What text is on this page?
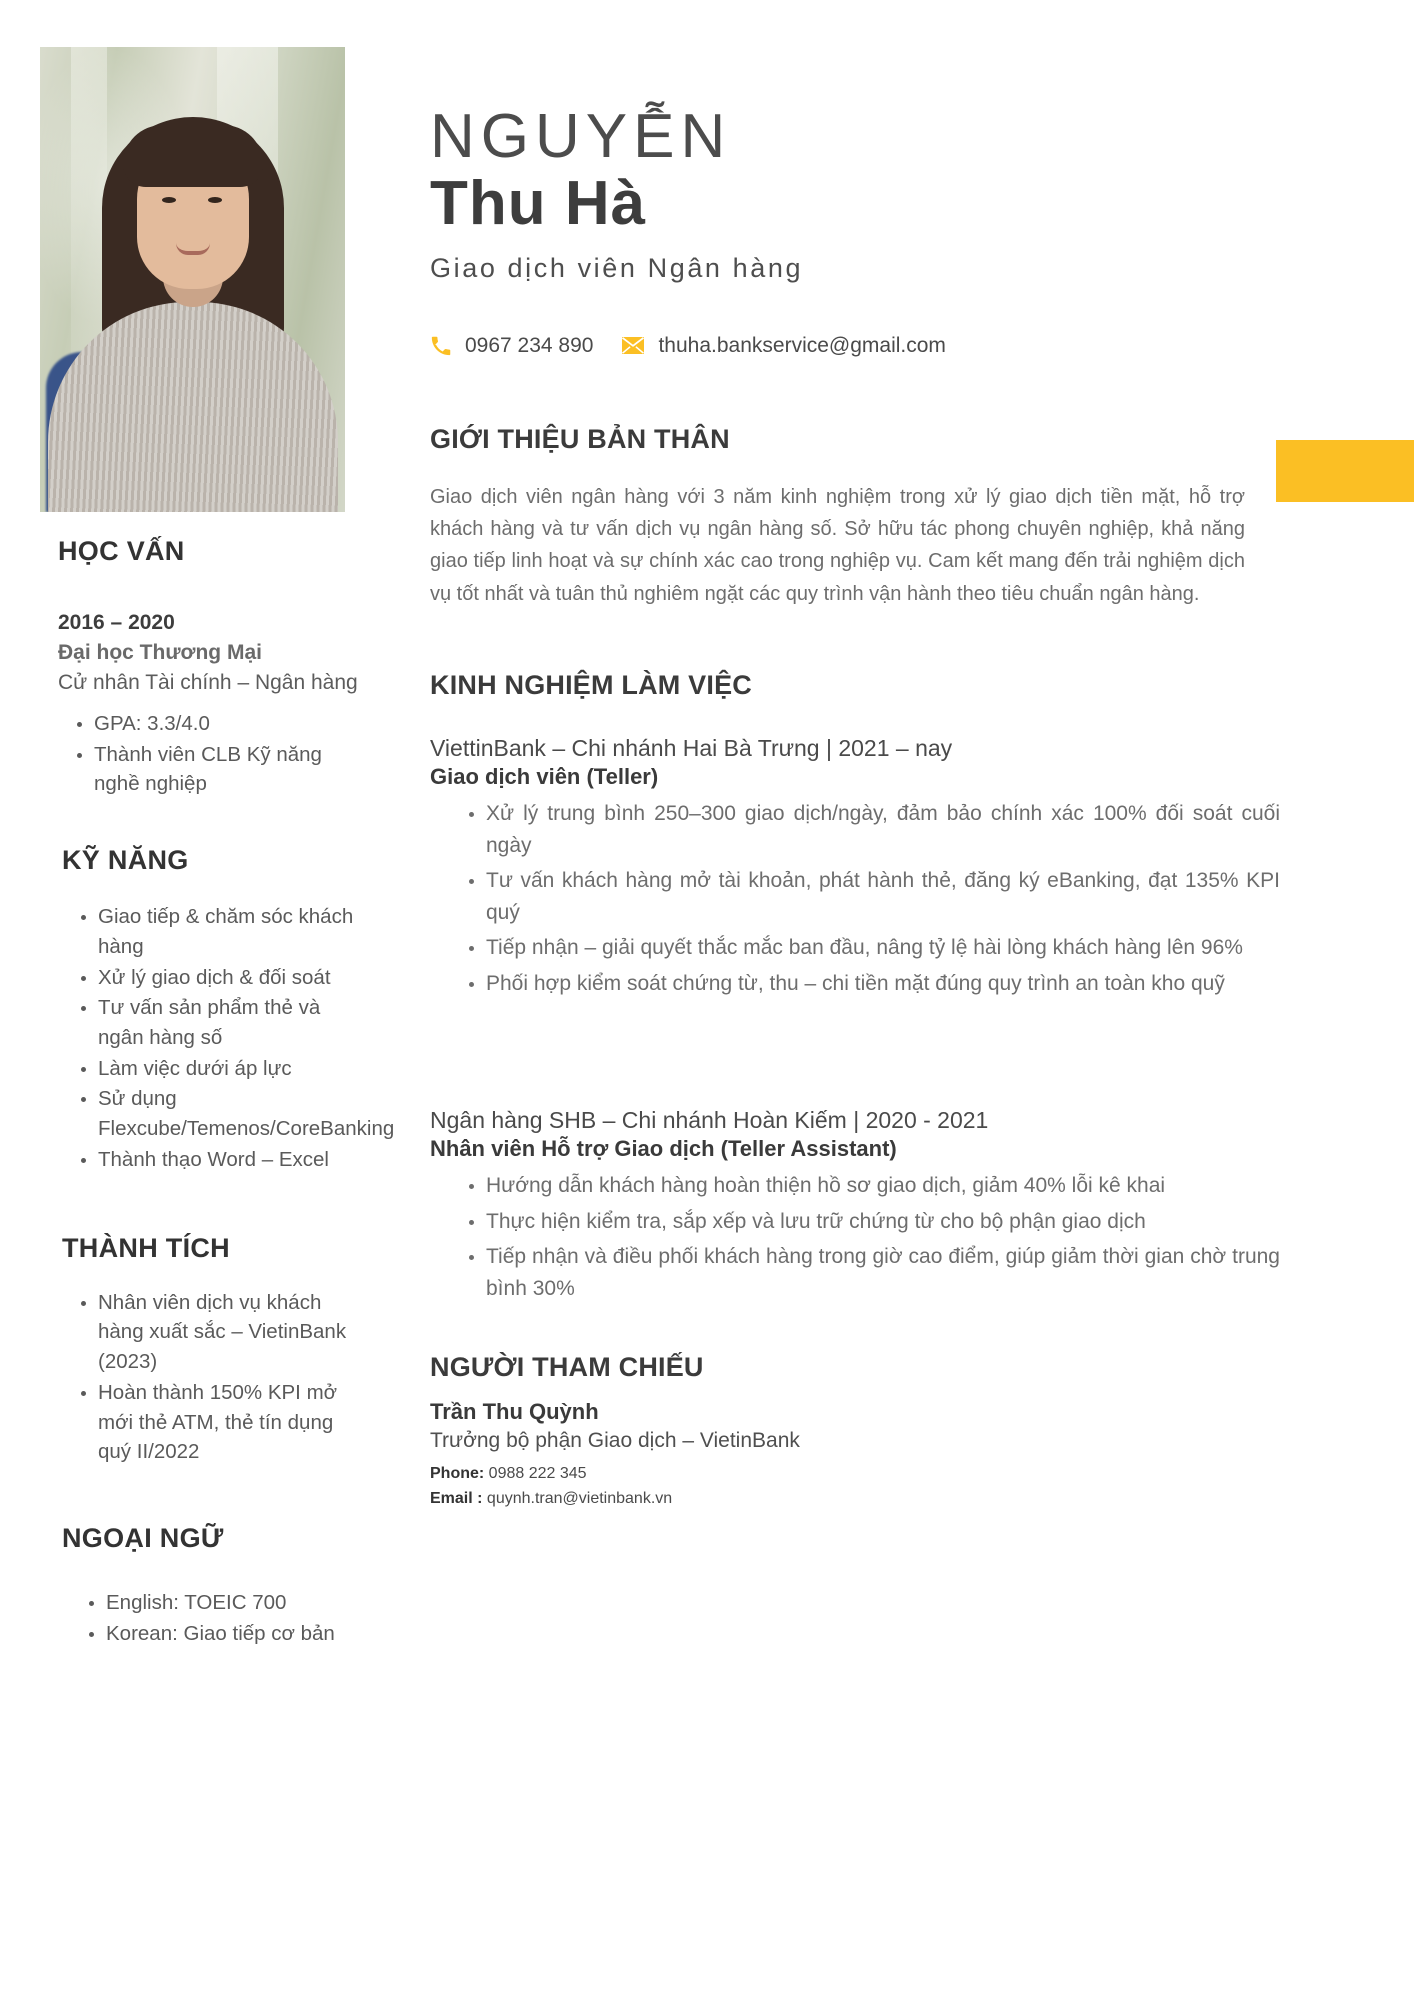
HỌC VẤN
2016 – 2020
Đại học Thương Mại
Cử nhân Tài chính – Ngân hàng
• GPA: 3.3/4.0
• Thành viên CLB Kỹ năng nghề nghiệp
KỸ NĂNG
• Giao tiếp & chăm sóc khách hàng
• Xử lý giao dịch & đối soát
• Tư vấn sản phẩm thẻ và ngân hàng số
• Làm việc dưới áp lực
• Sử dụng Flexcube/Temenos/CoreBanking
• Thành thạo Word – Excel
THÀNH TÍCH
• Nhân viên dịch vụ khách hàng xuất sắc – VietinBank (2023)
• Hoàn thành 150% KPI mở mới thẻ ATM, thẻ tín dụng quý II/2022
NGOẠI NGỮ
• English: TOEIC 700
• Korean: Giao tiếp cơ bản
NGUYỄN
Thu Hà
Giao dịch viên Ngân hàng
0967 234 890	thuha.bankservice@gmail.com
GIỚI THIỆU BẢN THÂN

Giao dịch viên ngân hàng với 3 năm kinh nghiệm trong xử lý giao dịch tiền mặt, hỗ trợ khách hàng và tư vấn dịch vụ ngân hàng số. Sở hữu tác phong chuyên nghiệp, khả năng giao tiếp linh hoạt và sự chính xác cao trong nghiệp vụ. Cam kết mang đến trải nghiệm dịch vụ tốt nhất và tuân thủ nghiêm ngặt các quy trình vận hành theo tiêu chuẩn ngân hàng.

KINH NGHIỆM LÀM VIỆC
ViettinBank – Chi nhánh Hai Bà Trưng | 2021 – nay
Giao dịch viên (Teller)
• Xử lý trung bình 250–300 giao dịch/ngày, đảm bảo chính xác 100% đối soát cuối ngày
• Tư vấn khách hàng mở tài khoản, phát hành thẻ, đăng ký eBanking, đạt 135% KPI quý
• Tiếp nhận – giải quyết thắc mắc ban đầu, nâng tỷ lệ hài lòng khách hàng lên 96%
• Phối hợp kiểm soát chứng từ, thu – chi tiền mặt đúng quy trình an toàn kho quỹ
Ngân hàng SHB – Chi nhánh Hoàn Kiếm | 2020 - 2021
Nhân viên Hỗ trợ Giao dịch (Teller Assistant)
• Hướng dẫn khách hàng hoàn thiện hồ sơ giao dịch, giảm 40% lỗi kê khai
• Thực hiện kiểm tra, sắp xếp và lưu trữ chứng từ cho bộ phận giao dịch
• Tiếp nhận và điều phối khách hàng trong giờ cao điểm, giúp giảm thời gian chờ trung bình 30%
NGƯỜI THAM CHIẾU
Trần Thu Quỳnh
Trưởng bộ phận Giao dịch – VietinBank
Phone: 0988 222 345
Email : quynh.tran@vietinbank.vn
